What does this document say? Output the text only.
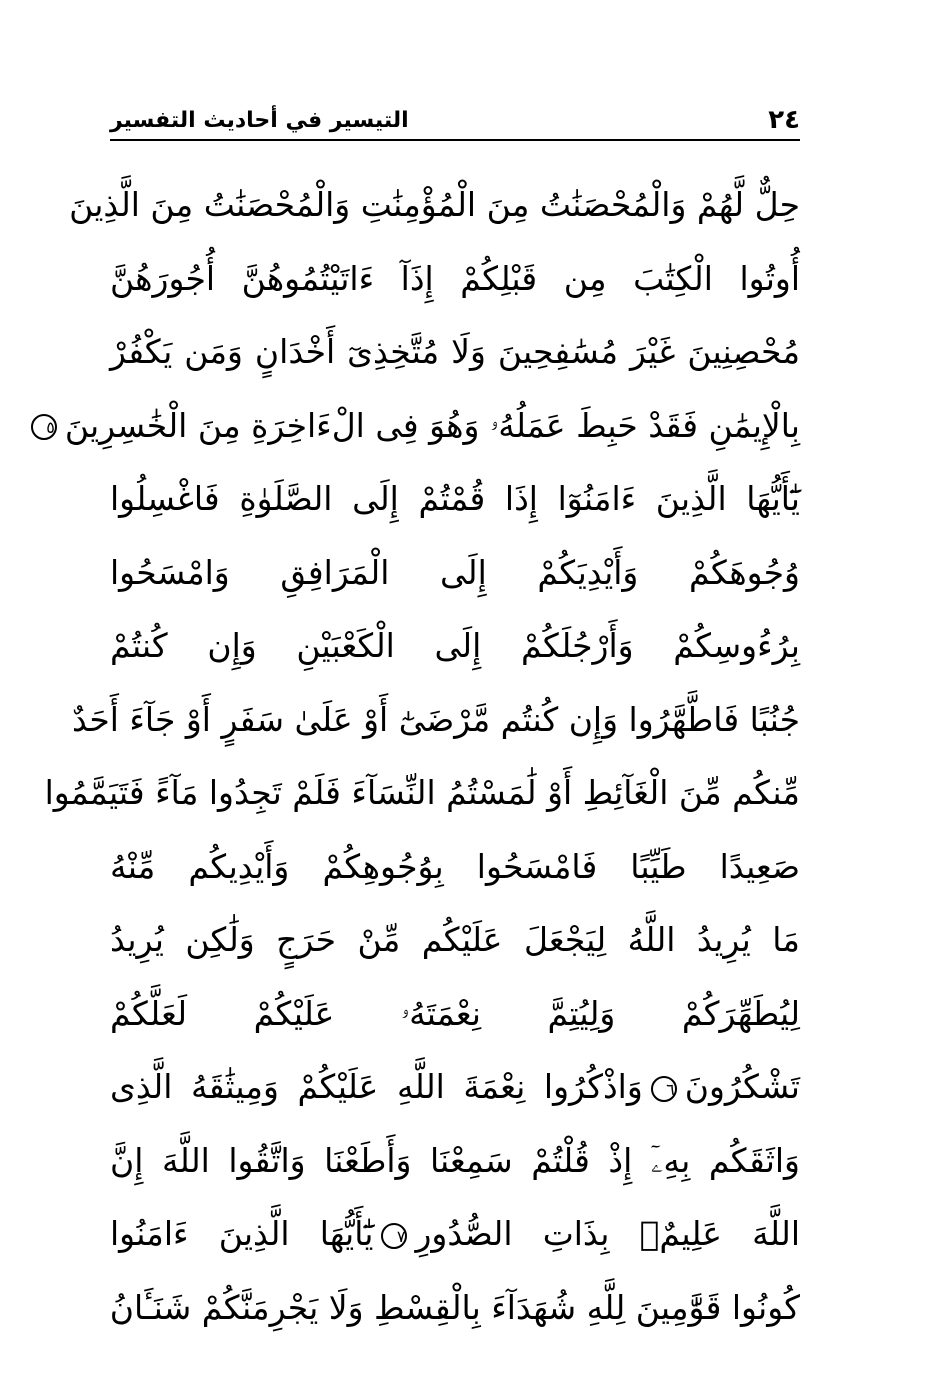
٢٤
التيسير في أحاديث التفسير
حِلٌّ لَّهُمْ وَالْمُحْصَنَٰتُ مِنَ الْمُؤْمِنَٰتِ وَالْمُحْصَنَٰتُ مِنَ الَّذِينَ
أُوتُوا الْكِتَٰبَ مِن قَبْلِكُمْ إِذَآ ءَاتَيْتُمُوهُنَّ أُجُورَهُنَّ
مُحْصِنِينَ غَيْرَ مُسَٰفِحِينَ وَلَا مُتَّخِذِىٓ أَخْدَانٍ وَمَن يَكْفُرْ
بِالْإِيمَٰنِ فَقَدْ حَبِطَ عَمَلُهُۥ وَهُوَ فِى الْءَاخِرَةِ مِنَ الْخَٰسِرِينَ٥
يَٰٓأَيُّهَا الَّذِينَ ءَامَنُوٓا إِذَا قُمْتُمْ إِلَى الصَّلَوٰةِ فَاغْسِلُوا
وُجُوهَكُمْ وَأَيْدِيَكُمْ إِلَى الْمَرَافِقِ وَامْسَحُوا
بِرُءُوسِكُمْ وَأَرْجُلَكُمْ إِلَى الْكَعْبَيْنِ وَإِن كُنتُمْ
جُنُبًا فَاطَّهَّرُوا وَإِن كُنتُم مَّرْضَىٰٓ أَوْ عَلَىٰ سَفَرٍ أَوْ جَآءَ أَحَدٌ
مِّنكُم مِّنَ الْغَآئِطِ أَوْ لَٰمَسْتُمُ النِّسَآءَ فَلَمْ تَجِدُوا مَآءً فَتَيَمَّمُوا
صَعِيدًا طَيِّبًا فَامْسَحُوا بِوُجُوهِكُمْ وَأَيْدِيكُم مِّنْهُ
مَا يُرِيدُ اللَّهُ لِيَجْعَلَ عَلَيْكُم مِّنْ حَرَجٍ وَلَٰكِن يُرِيدُ
لِيُطَهِّرَكُمْ وَلِيُتِمَّ نِعْمَتَهُۥ عَلَيْكُمْ لَعَلَّكُمْ
تَشْكُرُونَ٦وَاذْكُرُوا نِعْمَةَ اللَّهِ عَلَيْكُمْ وَمِيثَٰقَهُ الَّذِى
وَاثَقَكُم بِهِۦٓ إِذْ قُلْتُمْ سَمِعْنَا وَأَطَعْنَا وَاتَّقُوا اللَّهَ إِنَّ
اللَّهَ عَلِيمٌۢ بِذَاتِ الصُّدُورِ٧يَٰٓأَيُّهَا الَّذِينَ ءَامَنُوا
كُونُوا قَوَّٰمِينَ لِلَّهِ شُهَدَآءَ بِالْقِسْطِ وَلَا يَجْرِمَنَّكُمْ شَنَـَٔانُ
